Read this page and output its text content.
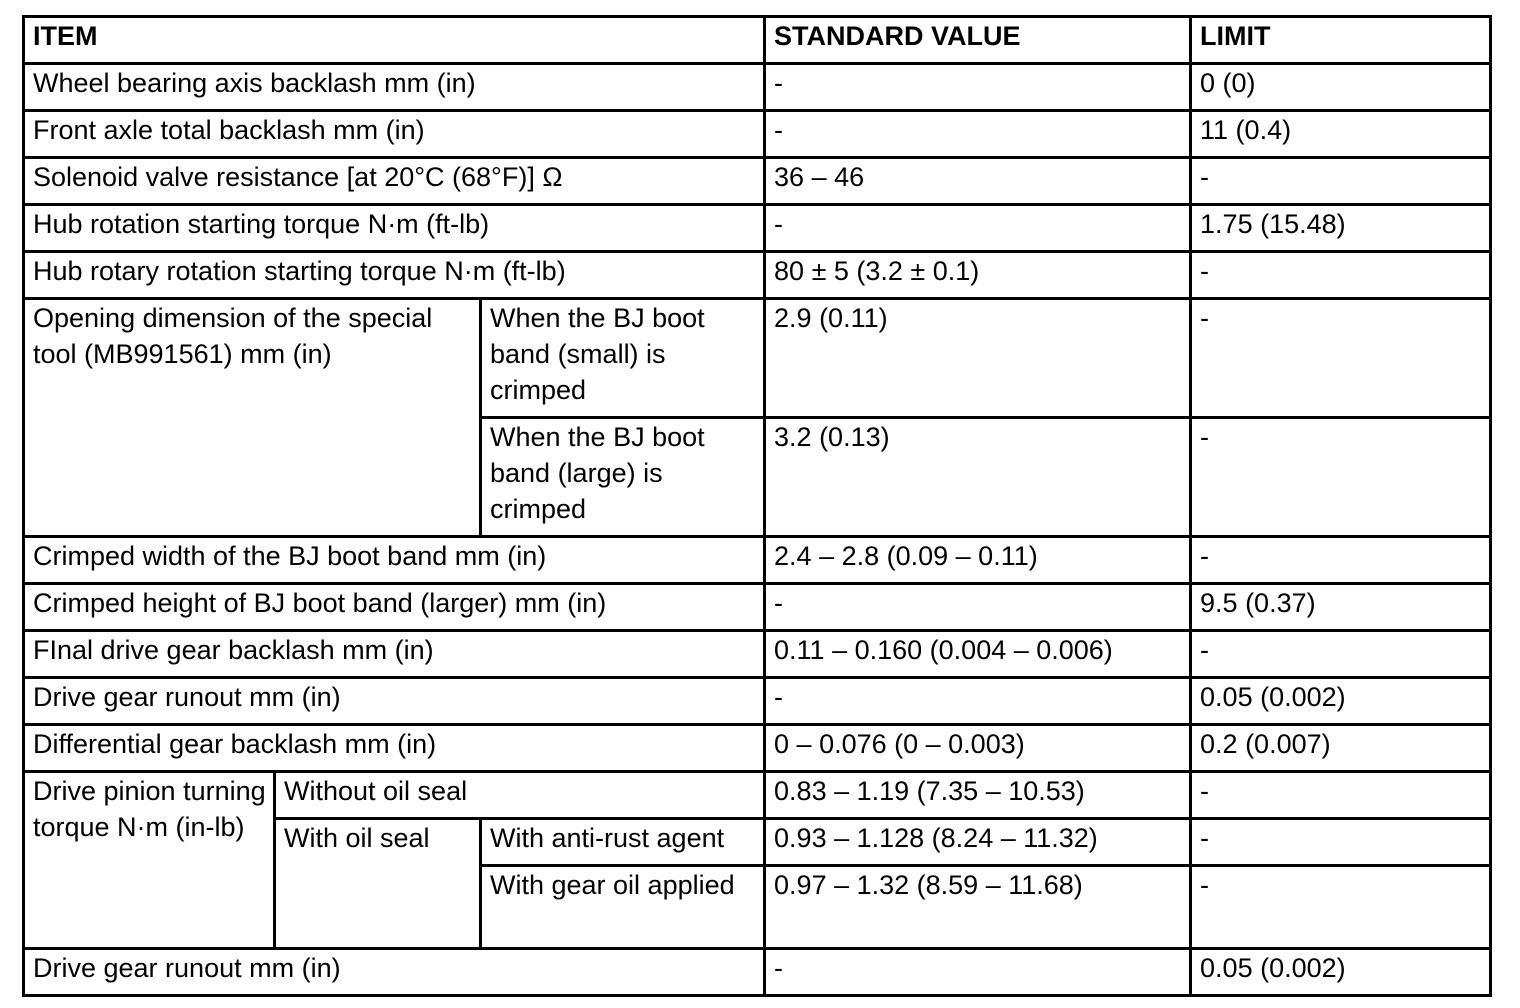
ITEM			STANDARD VALUE	LIMIT
Wheel bearing axis backlash mm (in)			-	0 (0)
Front axle total backlash mm (in)			-	11 (0.4)
Solenoid valve resistance [at 20°C (68°F)] Ω			36 – 46	-
Hub rotation starting torque N·m (ft-lb)			-	1.75 (15.48)
Hub rotary rotation starting torque N·m (ft-lb)			80 ± 5 (3.2 ± 0.1)	-
Opening dimension of the special tool (MB991561) mm (in)		When the BJ boot band (small) is crimped	2.9 (0.11)	-
		When the BJ boot band (large) is crimped	3.2 (0.13)	-
Crimped width of the BJ boot band mm (in)			2.4 – 2.8 (0.09 – 0.11)	-
Crimped height of BJ boot band (larger) mm (in)			-	9.5 (0.37)
FInal drive gear backlash mm (in)			0.11 – 0.160 (0.004 – 0.006)	-
Drive gear runout mm (in)			-	0.05 (0.002)
Differential gear backlash mm (in)			0 – 0.076 (0 – 0.003)	0.2 (0.007)
Drive pinion turning torque N·m (in-lb)	Without oil seal		0.83 – 1.19 (7.35 – 10.53)	-
	With oil seal	With anti-rust agent	0.93 – 1.128 (8.24 – 11.32)	-
		With gear oil applied	0.97 – 1.32 (8.59 – 11.68)	-
Drive gear runout mm (in)			-	0.05 (0.002)
